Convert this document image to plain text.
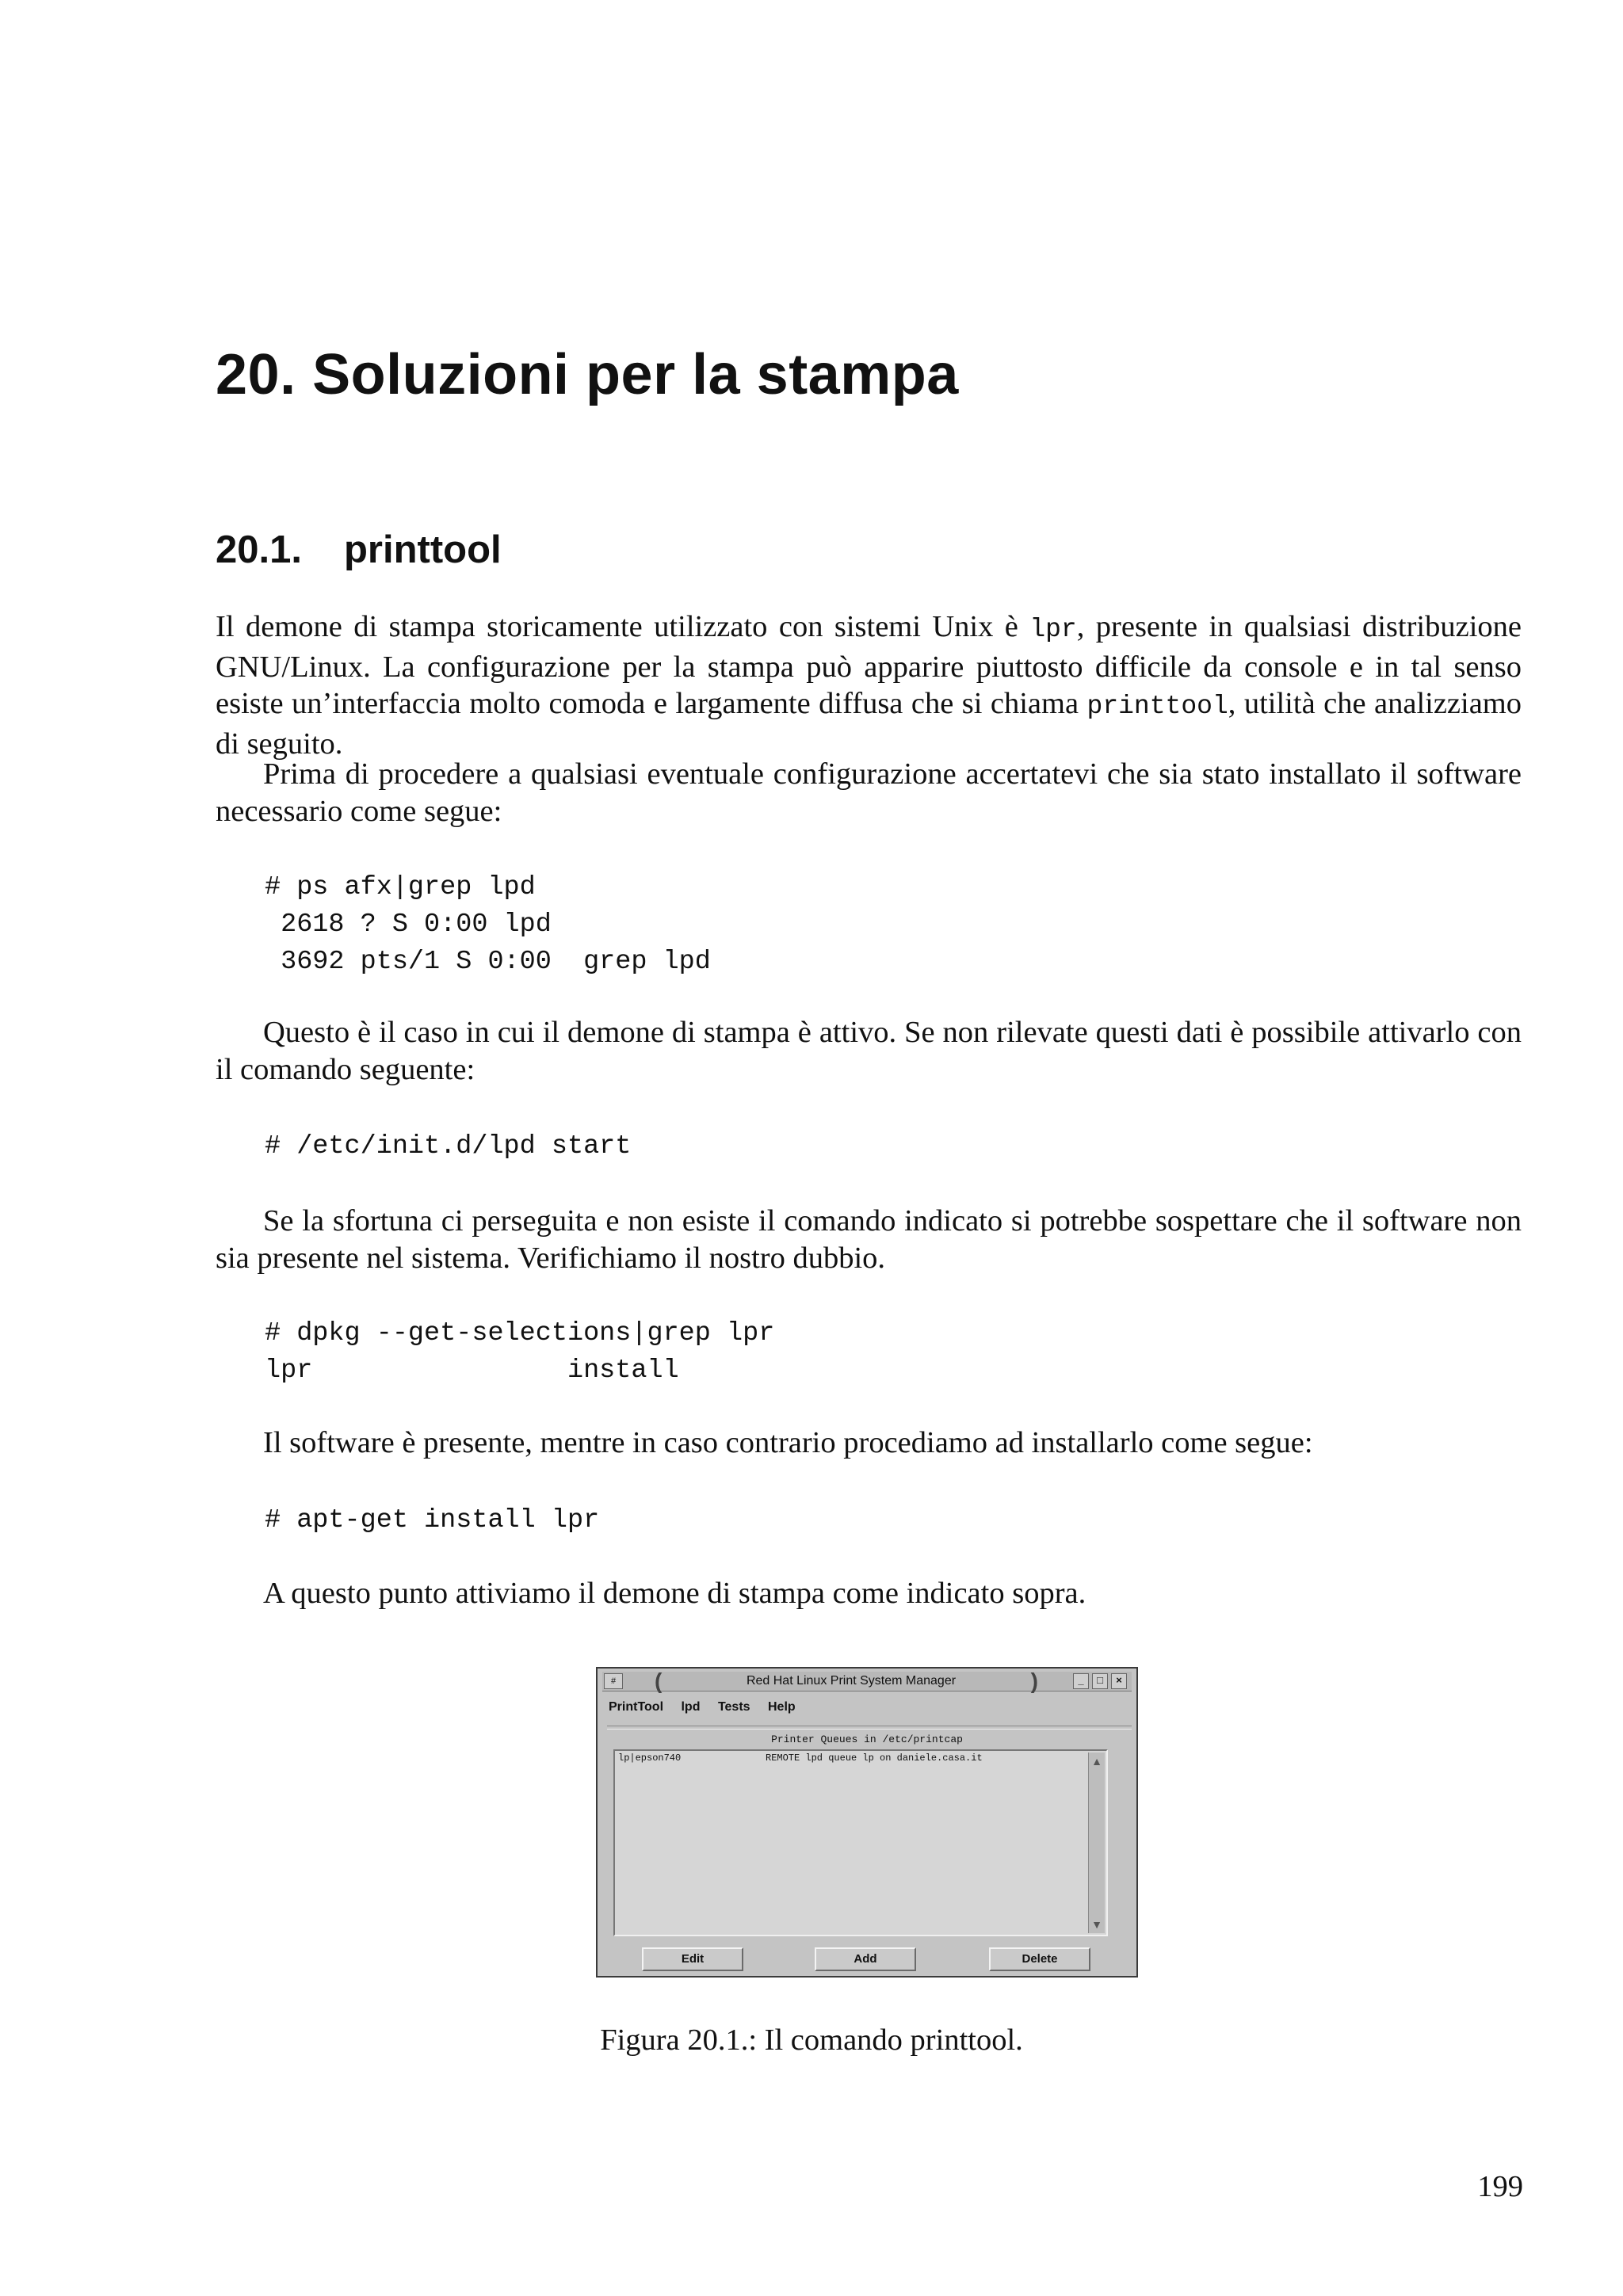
20. Soluzioni per la stampa
20.1. printtool
Il demone di stampa storicamente utilizzato con sistemi Unix è lpr, presente in qualsiasi distribuzione GNU/Linux. La configurazione per la stampa può apparire piuttosto difficile da console e in tal senso esiste un’interfaccia molto comoda e largamente diffusa che si chiama printtool, utilità che analizziamo di seguito.
Prima di procedere a qualsiasi eventuale configurazione accertatevi che sia stato installato il software necessario come segue:
# ps afx|grep lpd
2618 ? S 0:00 lpd
3692 pts/1 S 0:00  grep lpd
Questo è il caso in cui il demone di stampa è attivo. Se non rilevate questi dati è possibile attivarlo con il comando seguente:
# /etc/init.d/lpd start
Se la sfortuna ci perseguita e non esiste il comando indicato si potrebbe sospettare che il software non sia presente nel sistema. Verifichiamo il nostro dubbio.
# dpkg --get-selections|grep lpr
lpr                install
Il software è presente, mentre in caso contrario procediamo ad installarlo come segue:
# apt-get install lpr
A questo punto attiviamo il demone di stampa come indicato sopra.
#	(	Red Hat Linux Print System Manager	)	_	□	×
PrintTool lpd Tests Help
Printer Queues in /etc/printcap
lp|epson740	REMOTE lpd queue lp on daniele.casa.it	▲
▼
Edit	Add	Delete
Figura 20.1.: Il comando printtool.
199
